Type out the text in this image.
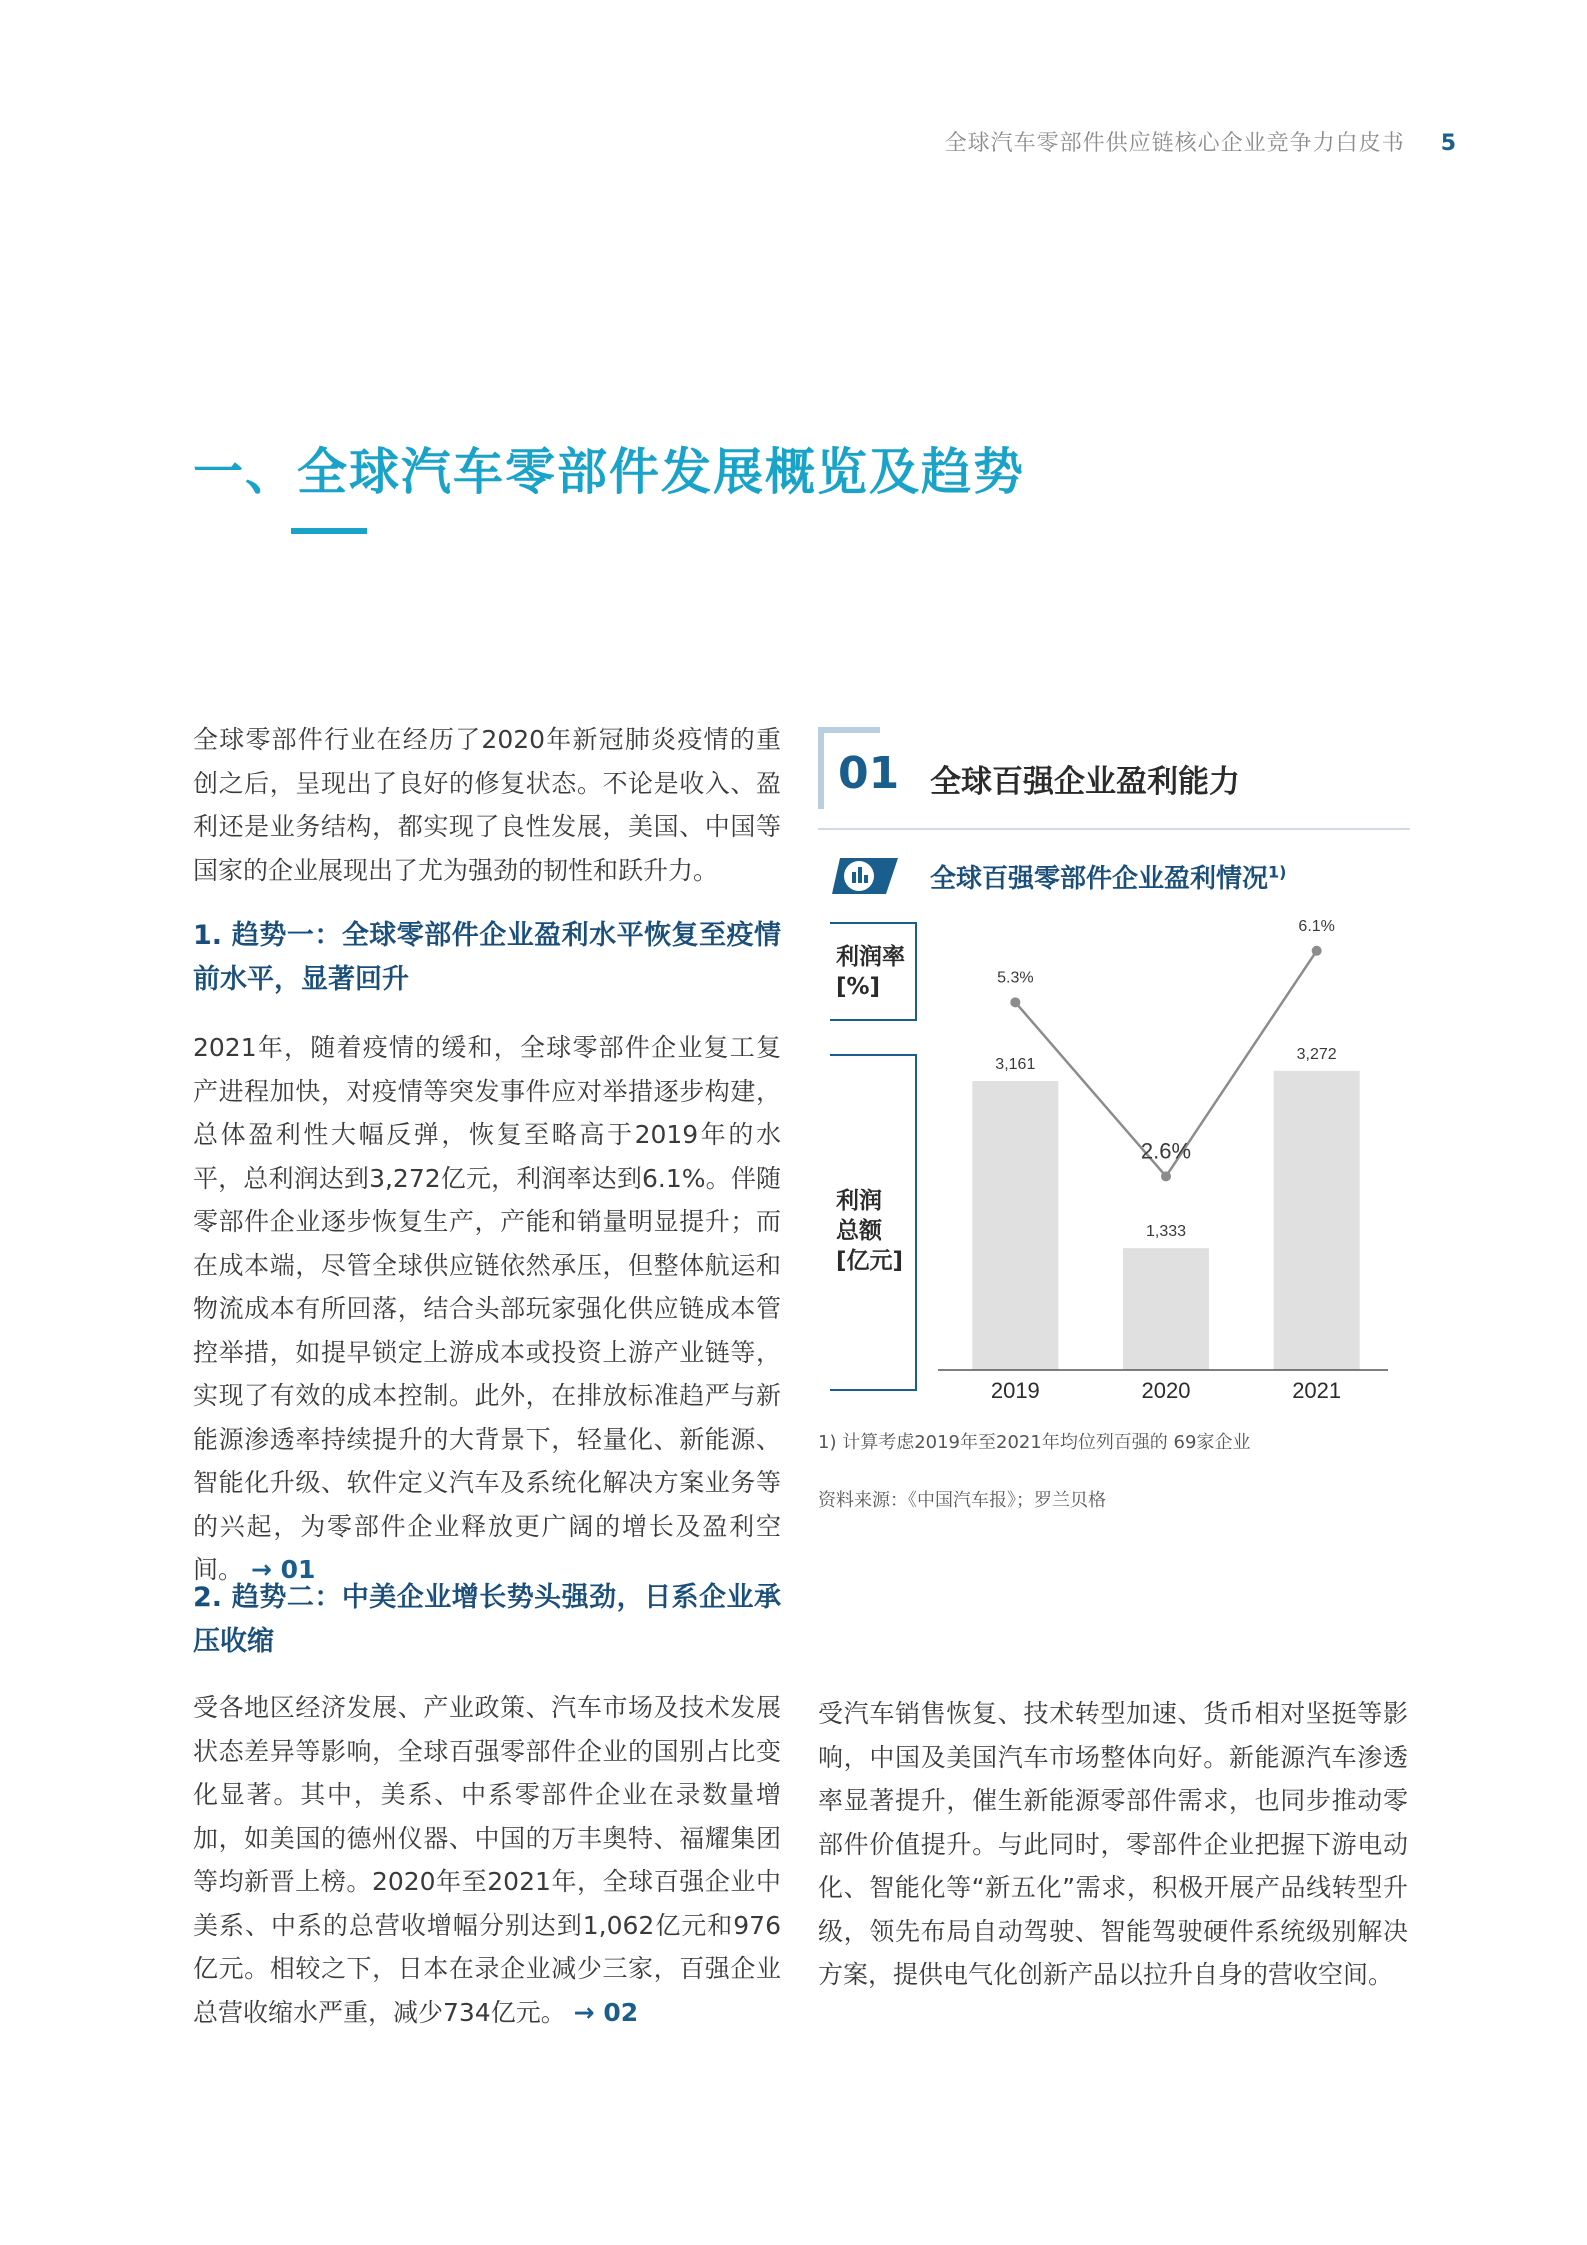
全球汽车零部件供应链核心企业竞争力白皮书 5
一、全球汽车零部件发展概览及趋势

全球零部件行业在经历了2020年新冠肺炎疫情的重创之后，呈现出了良好的修复状态。不论是收入、盈利还是业务结构，都实现了良性发展，美国、中国等国家的企业展现出了尤为强劲的韧性和跃升力。

1. 趋势一：全球零部件企业盈利水平恢复至疫情前水平，显著回升

2021年，随着疫情的缓和，全球零部件企业复工复产进程加快，对疫情等突发事件应对举措逐步构建，总体盈利性大幅反弹，恢复至略高于2019年的水平，总利润达到3,272亿元，利润率达到6.1%。伴随零部件企业逐步恢复生产，产能和销量明显提升；而在成本端，尽管全球供应链依然承压，但整体航运和物流成本有所回落，结合头部玩家强化供应链成本管控举措，如提早锁定上游成本或投资上游产业链等，实现了有效的成本控制。此外，在排放标准趋严与新能源渗透率持续提升的大背景下，轻量化、新能源、智能化升级、软件定义汽车及系统化解决方案业务等的兴起，为零部件企业释放更广阔的增长及盈利空间。 → 01

2. 趋势二：中美企业增长势头强劲，日系企业承压收缩

受各地区经济发展、产业政策、汽车市场及技术发展状态差异等影响，全球百强零部件企业的国别占比变化显著。其中，美系、中系零部件企业在录数量增加，如美国的德州仪器、中国的万丰奥特、福耀集团等均新晋上榜。2020年至2021年，全球百强企业中美系、中系的总营收增幅分别达到1,062亿元和976亿元。相较之下，日本在录企业减少三家，百强企业总营收缩水严重，减少734亿元。 → 02

受汽车销售恢复、技术转型加速、货币相对坚挺等影响，中国及美国汽车市场整体向好。新能源汽车渗透率显著提升，催生新能源零部件需求，也同步推动零部件价值提升。与此同时，零部件企业把握下游电动化、智能化等“新五化”需求，积极开展产品线转型升级，领先布局自动驾驶、智能驾驶硬件系统级别解决方案，提供电气化创新产品以拉升自身的营收空间。

01 全球百强企业盈利能力
全球百强零部件企业盈利情况$^{1)}$
利润率
[%]
利润
总额
[亿元]
3,161
2019
1,333
2020
3,272
2021
5.3%
2.6%
6.1%
1) 计算考虑2019年至2021年均位列百强的 69家企业
资料来源：《中国汽车报》；罗兰贝格
